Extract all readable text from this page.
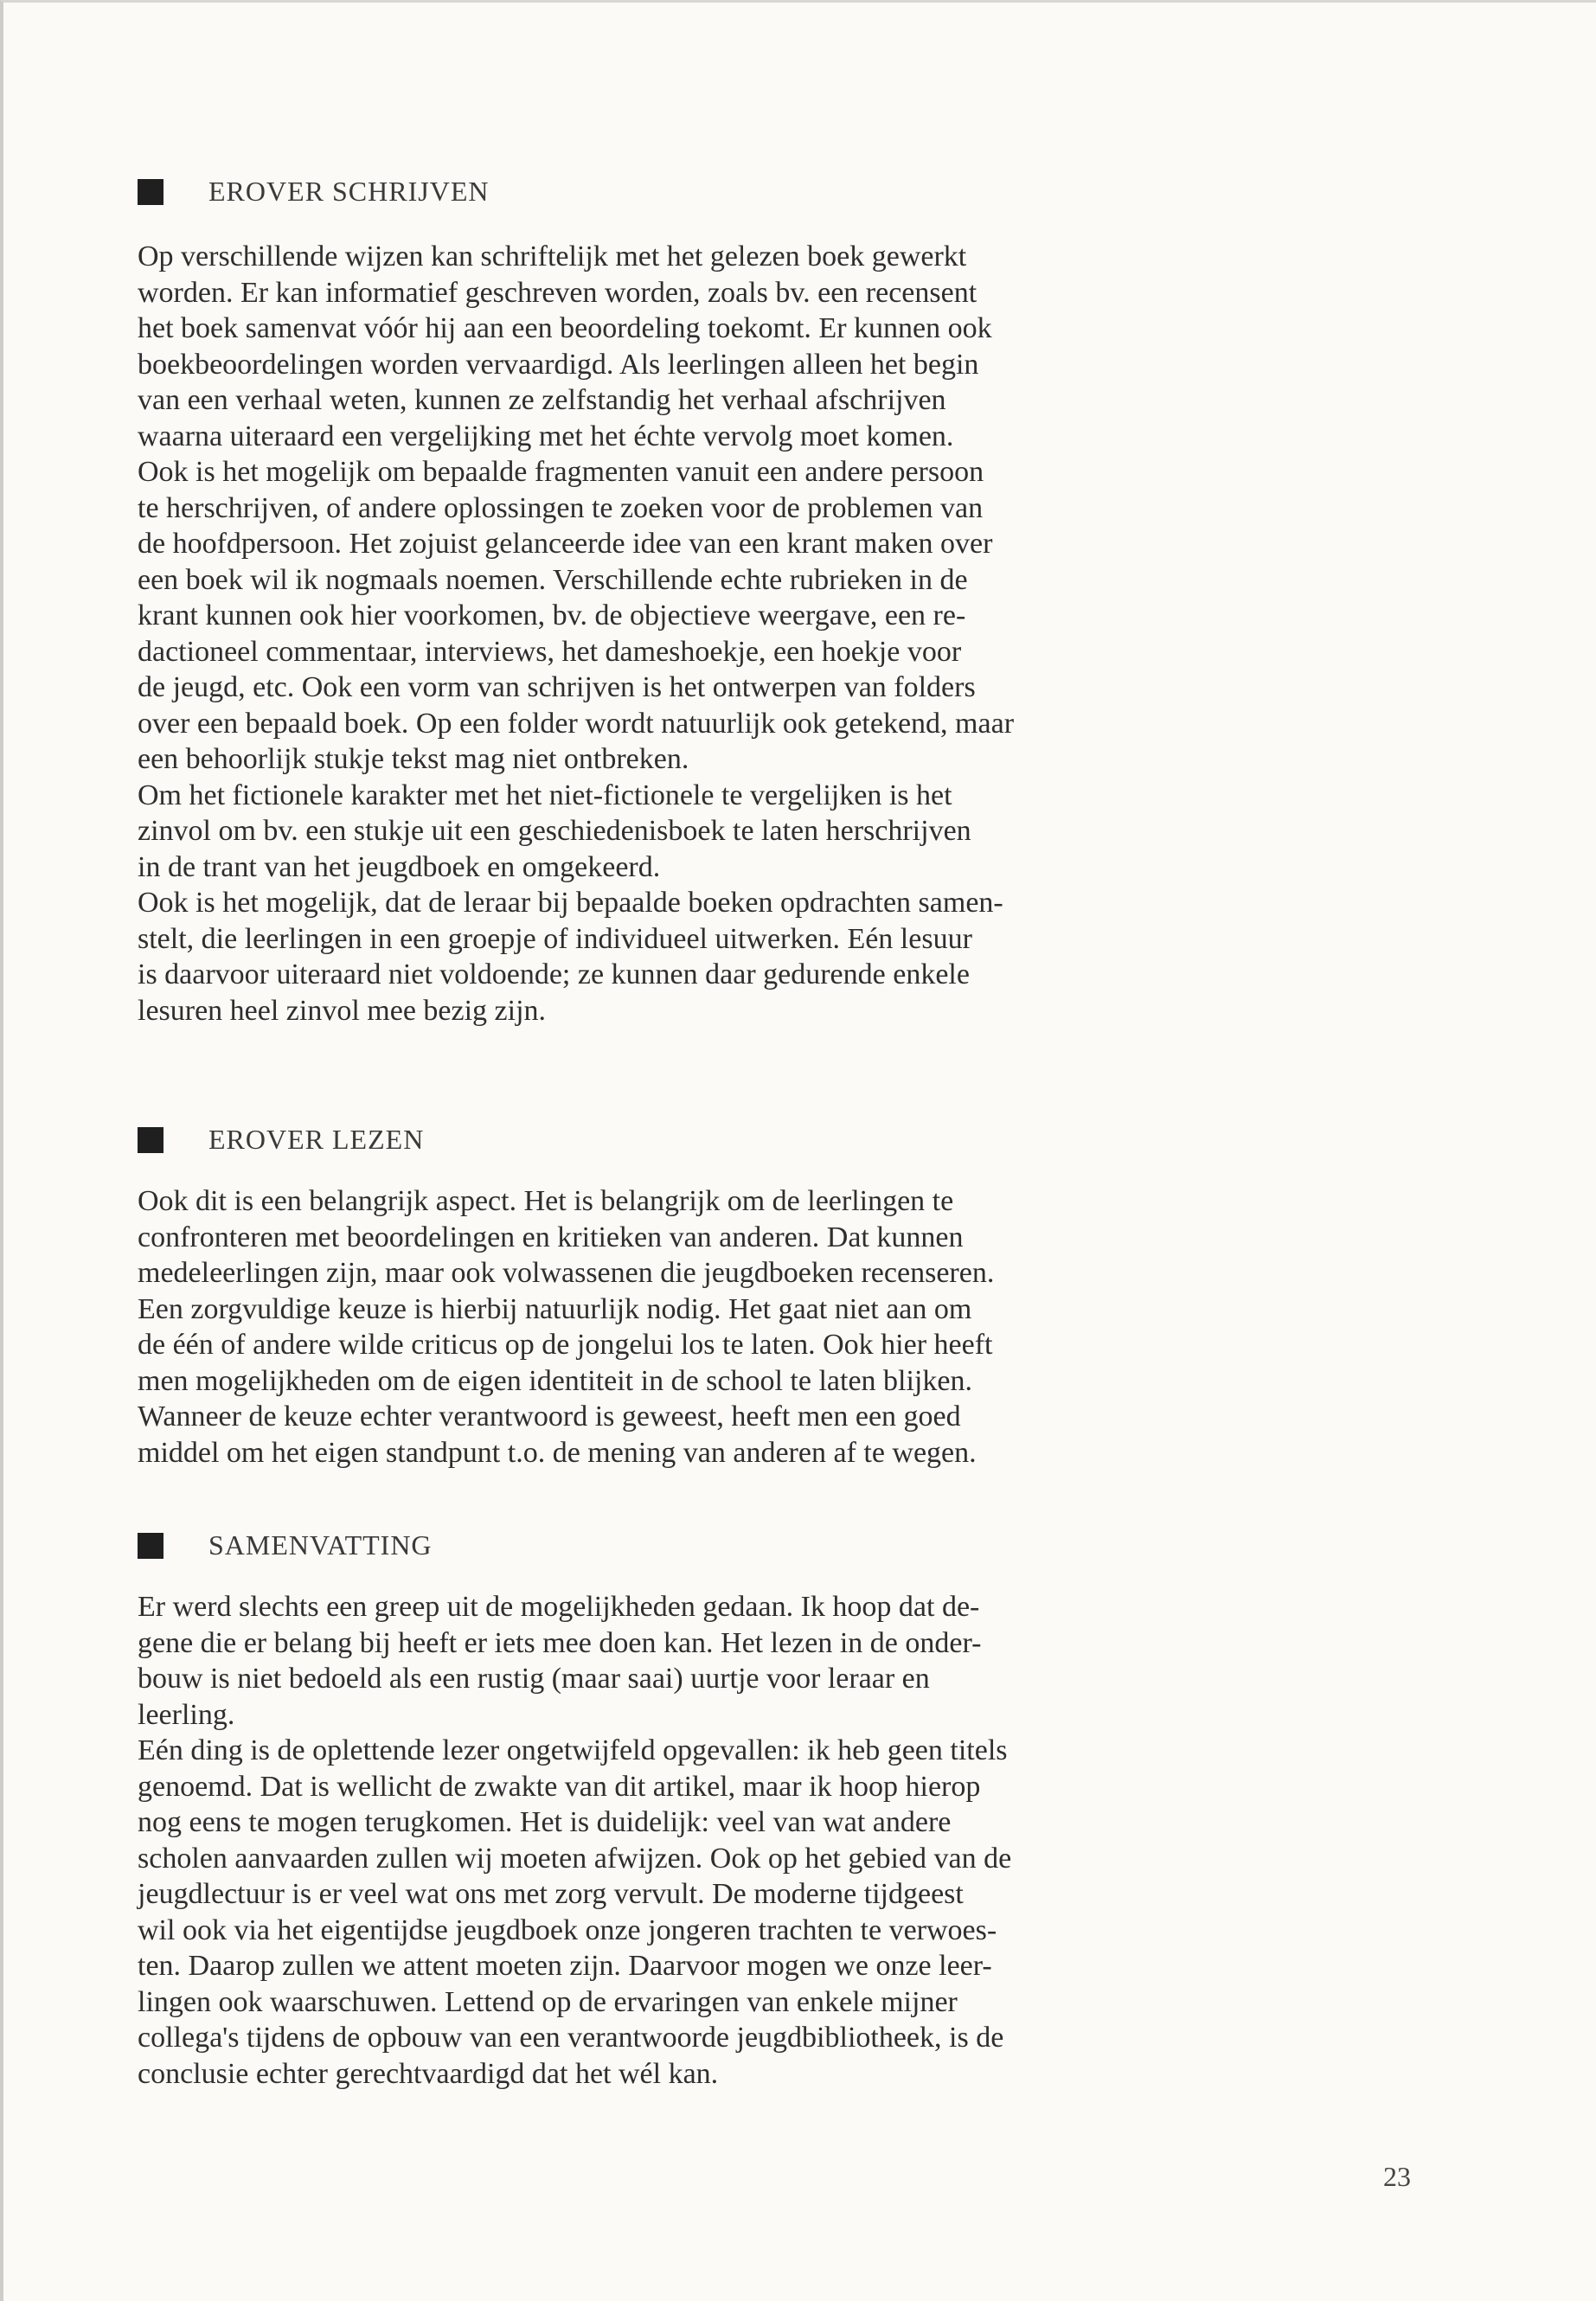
EROVER SCHRIJVEN

Op verschillende wijzen kan schriftelijk met het gelezen boek gewerkt
worden. Er kan informatief geschreven worden, zoals bv. een recensent
het boek samenvat vóór hij aan een beoordeling toekomt. Er kunnen ook
boekbeoordelingen worden vervaardigd. Als leerlingen alleen het begin
van een verhaal weten, kunnen ze zelfstandig het verhaal afschrijven
waarna uiteraard een vergelijking met het échte vervolg moet komen.
Ook is het mogelijk om bepaalde fragmenten vanuit een andere persoon
te herschrijven, of andere oplossingen te zoeken voor de problemen van
de hoofdpersoon. Het zojuist gelanceerde idee van een krant maken over
een boek wil ik nogmaals noemen. Verschillende echte rubrieken in de
krant kunnen ook hier voorkomen, bv. de objectieve weergave, een re-
dactioneel commentaar, interviews, het dameshoekje, een hoekje voor
de jeugd, etc. Ook een vorm van schrijven is het ontwerpen van folders
over een bepaald boek. Op een folder wordt natuurlijk ook getekend, maar
een behoorlijk stukje tekst mag niet ontbreken.
Om het fictionele karakter met het niet-fictionele te vergelijken is het
zinvol om bv. een stukje uit een geschiedenisboek te laten herschrijven
in de trant van het jeugdboek en omgekeerd.
Ook is het mogelijk, dat de leraar bij bepaalde boeken opdrachten samen-
stelt, die leerlingen in een groepje of individueel uitwerken. Eén lesuur
is daarvoor uiteraard niet voldoende; ze kunnen daar gedurende enkele
lesuren heel zinvol mee bezig zijn.

EROVER LEZEN

Ook dit is een belangrijk aspect. Het is belangrijk om de leerlingen te
confronteren met beoordelingen en kritieken van anderen. Dat kunnen
medeleerlingen zijn, maar ook volwassenen die jeugdboeken recenseren.
Een zorgvuldige keuze is hierbij natuurlijk nodig. Het gaat niet aan om
de één of andere wilde criticus op de jongelui los te laten. Ook hier heeft
men mogelijkheden om de eigen identiteit in de school te laten blijken.
Wanneer de keuze echter verantwoord is geweest, heeft men een goed
middel om het eigen standpunt t.o. de mening van anderen af te wegen.

SAMENVATTING

Er werd slechts een greep uit de mogelijkheden gedaan. Ik hoop dat de-
gene die er belang bij heeft er iets mee doen kan. Het lezen in de onder-
bouw is niet bedoeld als een rustig (maar saai) uurtje voor leraar en
leerling.
Eén ding is de oplettende lezer ongetwijfeld opgevallen: ik heb geen titels
genoemd. Dat is wellicht de zwakte van dit artikel, maar ik hoop hierop
nog eens te mogen terugkomen. Het is duidelijk: veel van wat andere
scholen aanvaarden zullen wij moeten afwijzen. Ook op het gebied van de
jeugdlectuur is er veel wat ons met zorg vervult. De moderne tijdgeest
wil ook via het eigentijdse jeugdboek onze jongeren trachten te verwoes-
ten. Daarop zullen we attent moeten zijn. Daarvoor mogen we onze leer-
lingen ook waarschuwen. Lettend op de ervaringen van enkele mijner
collega's tijdens de opbouw van een verantwoorde jeugdbibliotheek, is de
conclusie echter gerechtvaardigd dat het wél kan.

23
